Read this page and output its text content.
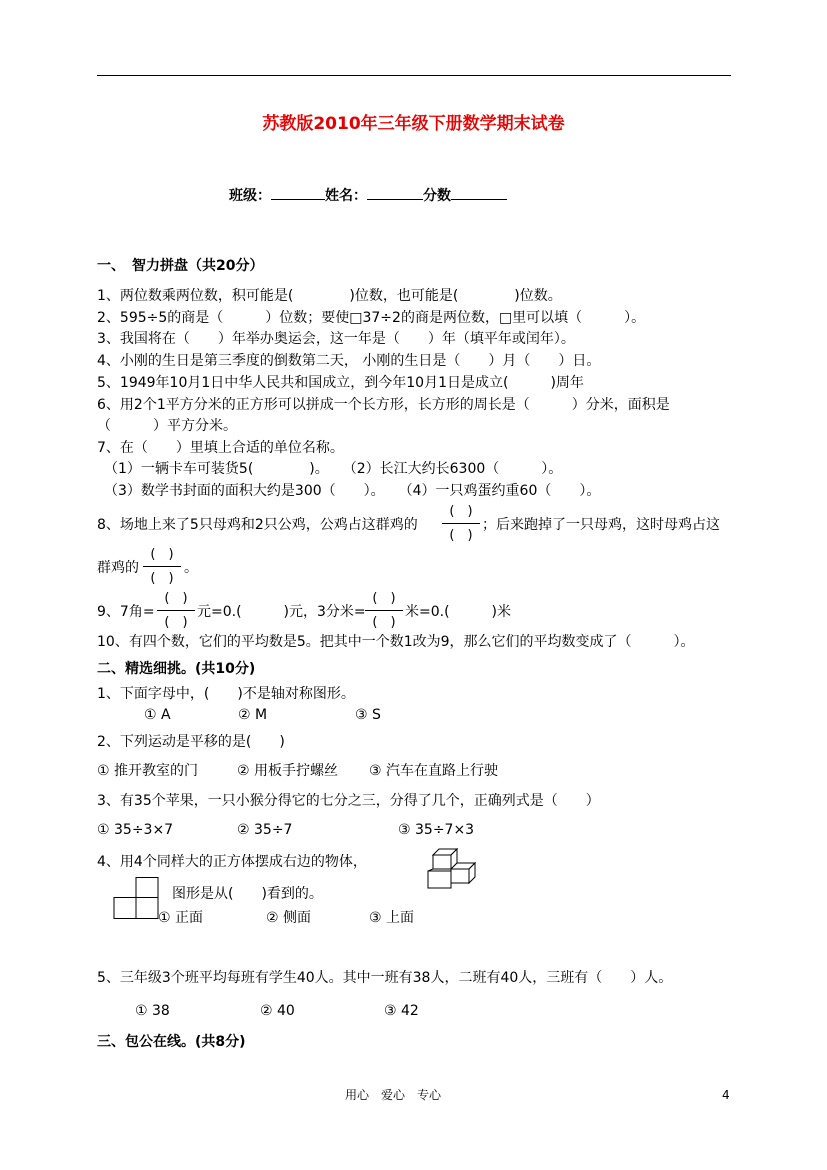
苏教版2010年三年级下册数学期末试卷
班级：	姓名：	分数
一、　智力拼盘（共20分）
1、两位数乘两位数，积可能是(　　　　)位数，也可能是(　　　　)位数。
2、595÷5的商是（　　　）位数；要使□37÷2的商是两位数，□里可以填（　　　）。
3、我国将在（　　）年举办奥运会，这一年是（　　）年（填平年或闰年）。
4、小刚的生日是第三季度的倒数第二天， 小刚的生日是（　　）月（　　）日。
5、1949年10月1日中华人民共和国成立，到今年10月1日是成立(　　　)周年
6、用2个1平方分米的正方形可以拼成一个长方形，长方形的周长是（　　　）分米，面积是
（　　　）平方分米。
7、在（　　）里填上合适的单位名称。
（1）一辆卡车可装货5(　　　　)。　　（2）长江大约长6300（　　　）。
（3）数学书封面的面积大约是300（　　）。　　（4）一只鸡蛋约重60（　　）。
8、场地上来了5只母鸡和2只公鸡，公鸡占这群鸡的
(　)
(　)
；后来跑掉了一只母鸡，这时母鸡占这
群鸡的
(　)
(　)
。
9、7角=
(　)
(　)
元=0.(　　　)元，3分米=
(　)
(　)
米=0.(　　　)米
10、有四个数，它们的平均数是5。把其中一个数1改为9，那么它们的平均数变成了（　　　）。
二、精选细挑。(共10分)
1、下面字母中，(　　)不是轴对称图形。
① A	② M	③ S
2、下列运动是平移的是(　　)
① 推开教室的门	② 用板手拧螺丝 ③ 汽车在直路上行驶
3、有35个苹果，一只小猴分得它的七分之三，分得了几个，正确列式是（　　）
① 35÷3×7	② 35÷7	③ 35÷7×3
4、用4个同样大的正方体摆成右边的物体，
图形是从(　　)看到的。
① 正面	② 侧面	③ 上面
5、三年级3个班平均每班有学生40人。其中一班有38人，二班有40人，三班有（　　）人。
① 38	② 40	③ 42
三、包公在线。(共8分)
用心　爱心　专心	4
